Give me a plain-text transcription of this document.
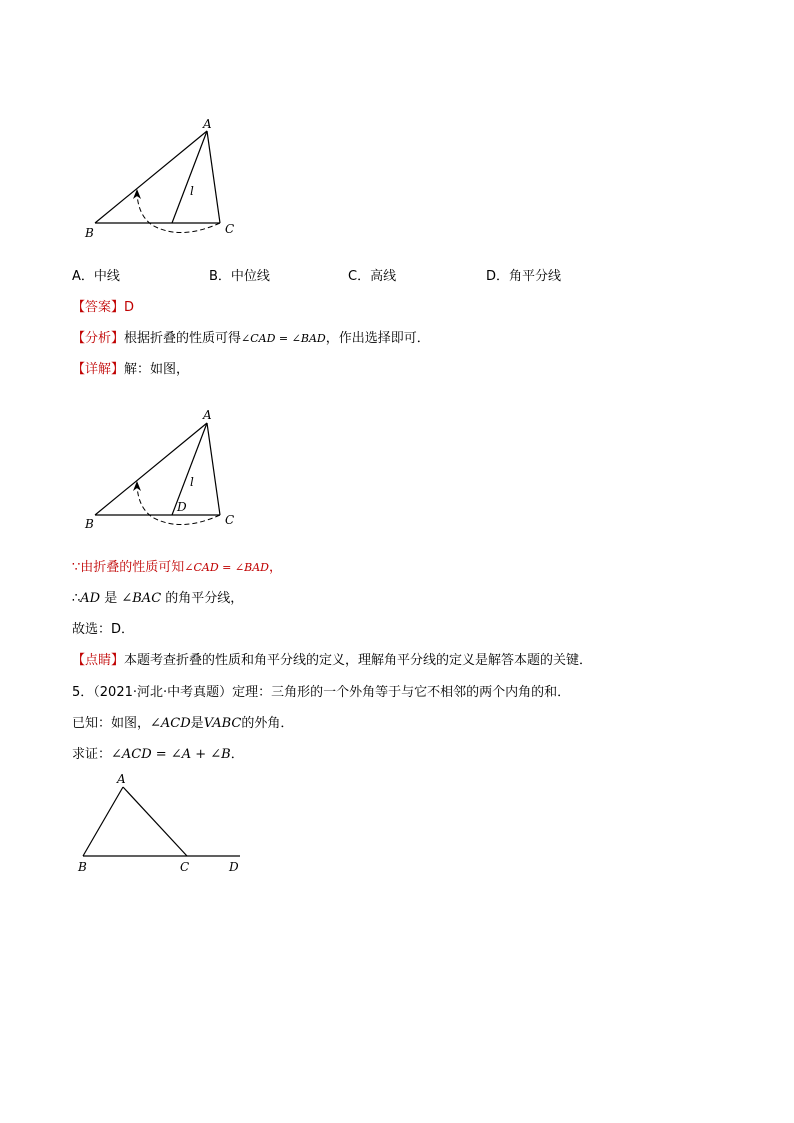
A
B	C
l
A．中线	B．中位线	C．高线	D．角平分线
【答案】D
【分析】根据折叠的性质可得∠CAD = ∠BAD，作出选择即可．
【详解】解：如图，
A
B	C
D
l
∵由折叠的性质可知∠CAD = ∠BAD，
∴AD 是 ∠BAC 的角平分线，
故选：D．
【点睛】本题考查折叠的性质和角平分线的定义，理解角平分线的定义是解答本题的关键．
5．（2021·河北·中考真题）定理：三角形的一个外角等于与它不相邻的两个内角的和．
已知：如图，∠ACD是VABC的外角．
求证：∠ACD = ∠A + ∠B．
A
B	C	D
